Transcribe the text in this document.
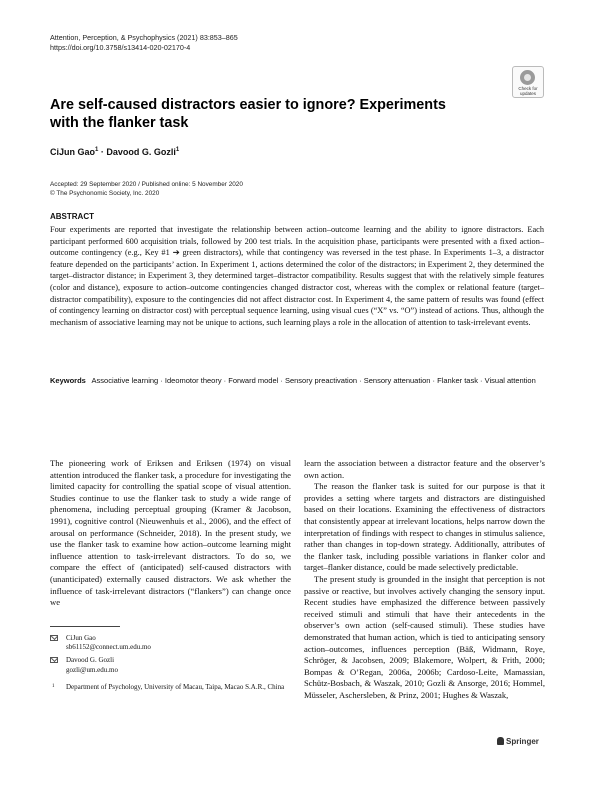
Attention, Perception, & Psychophysics (2021) 83:853–865
https://doi.org/10.3758/s13414-020-02170-4
Check for updates
Are self-caused distractors easier to ignore? Experiments with the flanker task
CiJun Gao$^1$ · Davood G. Gozli$^1$
Accepted: 29 September 2020 / Published online: 5 November 2020
© The Psychonomic Society, Inc. 2020
ABSTRACT
Four experiments are reported that investigate the relationship between action–outcome learning and the ability to ignore distractors. Each participant performed 600 acquisition trials, followed by 200 test trials. In the acquisition phase, participants were presented with a fixed action–outcome contingency (e.g., Key #1 ➔ green distractors), while that contingency was reversed in the test phase. In Experiments 1–3, a distractor feature depended on the participants’ action. In Experiment 1, actions determined the color of the distractors; in Experiment 2, they determined the target–distractor distance; in Experiment 3, they determined target–distractor compatibility. Results suggest that with the relatively simple features (color and distance), exposure to action–outcome contingencies changed distractor cost, whereas with the complex or relational feature (target–distractor compatibility), exposure to the contingencies did not affect distractor cost. In Experiment 4, the same pattern of results was found (effect of contingency learning on distractor cost) with perceptual sequence learning, using visual cues (“X” vs. “O”) instead of actions. Thus, although the mechanism of associative learning may not be unique to actions, such learning plays a role in the allocation of attention to task-irrelevant events.
Keywords Associative learning · Ideomotor theory · Forward model · Sensory preactivation · Sensory attenuation · Flanker task · Visual attention

The pioneering work of Eriksen and Eriksen (1974) on visual attention introduced the flanker task, a procedure for investigating the limited capacity for controlling the spatial scope of visual attention. Studies continue to use the flanker task to study a wide range of phenomena, including perceptual grouping (Kramer & Jacobson, 1991), cognitive control (Nieuwenhuis et al., 2006), and the effect of arousal on performance (Schneider, 2018). In the present study, we use the flanker task to examine how action–outcome learning might influence attention to task-irrelevant distractors. To do so, we compare the effect of (anticipated) self-caused distractors with (unanticipated) externally caused distractors. We ask whether the influence of task-irrelevant distractors (“flankers”) can change once we

learn the association between a distractor feature and the observer’s own action.

The reason the flanker task is suited for our purpose is that it provides a setting where targets and distractors are distinguished based on their locations. Examining the effectiveness of distractors that consistently appear at irrelevant locations, helps narrow down the interpretation of findings with respect to changes in stimulus salience, rather than changes in top-down strategy. Additionally, attributes of the flanker task, including possible variations in flanker color and target–flanker distance, could be made selectively predictable.

The present study is grounded in the insight that perception is not passive or reactive, but involves actively changing the sensory input. Recent studies have emphasized the difference between passively received stimuli and stimuli that have their antecedents in the observer’s own action (self-caused stimuli). These studies have demonstrated that human action, which is tied to anticipating sensory action–outcomes, influences perception (Bäß, Widmann, Roye, Schröger, & Jacobsen, 2009; Blakemore, Wolpert, & Frith, 2000; Bompas & O’Regan, 2006a, 2006b; Cardoso-Leite, Mamassian, Schütz-Bosbach, & Waszak, 2010; Gozli & Ansorge, 2016; Hommel, Müsseler, Aschersleben, & Prinz, 2001; Hughes & Waszak,

CiJun Gao
sb61152@connect.um.edu.mo
Davood G. Gozli
gozli@um.edu.mo
1 Department of Psychology, University of Macau, Taipa, Macao S.A.R., China
Springer
